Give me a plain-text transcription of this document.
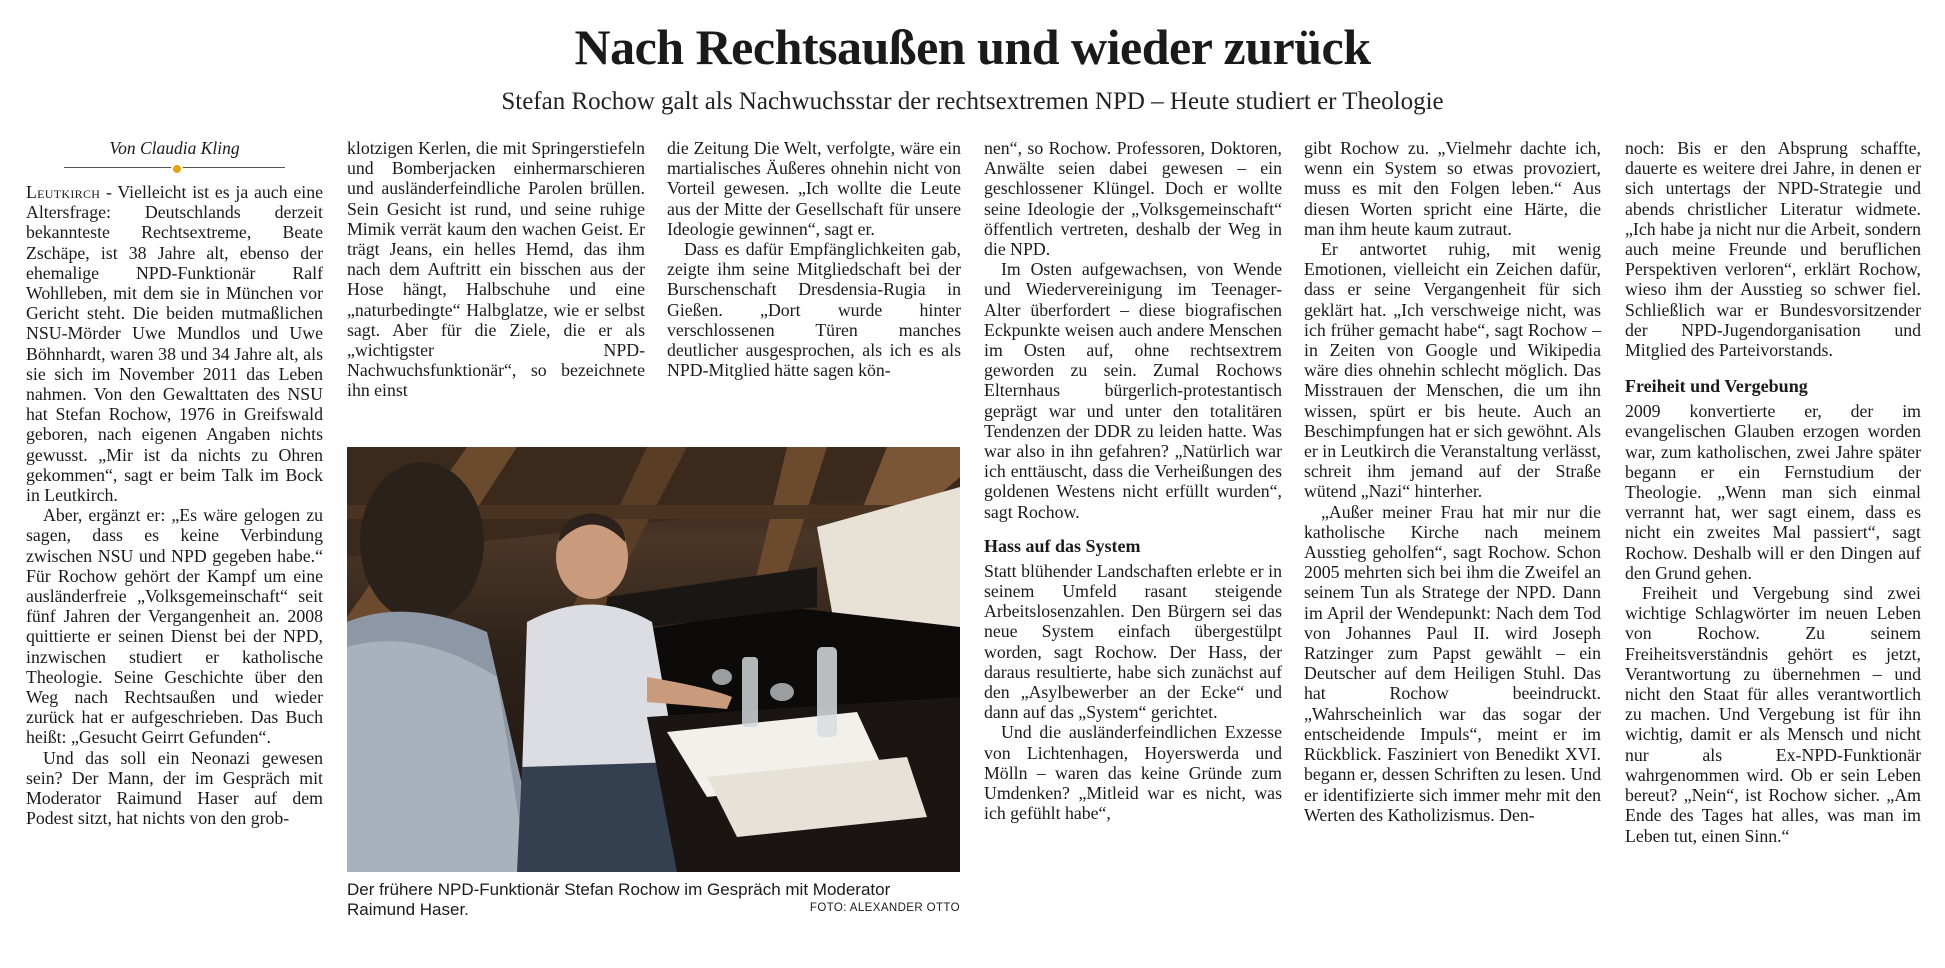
Nach Rechtsaußen und wieder zurück
Stefan Rochow galt als Nachwuchsstar der rechtsextremen NPD – Heute studiert er Theologie
Von Claudia Kling

Leutkirch - Vielleicht ist es ja auch eine Altersfrage: Deutschlands derzeit bekannteste Rechtsextreme, Beate Zschäpe, ist 38 Jahre alt, ebenso der ehemalige NPD-Funktionär Ralf Wohlleben, mit dem sie in München vor Gericht steht. Die beiden mutmaßlichen NSU-Mörder Uwe Mundlos und Uwe Böhnhardt, waren 38 und 34 Jahre alt, als sie sich im November 2011 das Leben nahmen. Von den Gewalttaten des NSU hat Stefan Rochow, 1976 in Greifswald geboren, nach eigenen Angaben nichts gewusst. „Mir ist da nichts zu Ohren gekommen“, sagt er beim Talk im Bock in Leutkirch.

Aber, ergänzt er: „Es wäre gelogen zu sagen, dass es keine Verbindung zwischen NSU und NPD gegeben habe.“ Für Rochow gehört der Kampf um eine ausländerfreie „Volksgemeinschaft“ seit fünf Jahren der Vergangenheit an. 2008 quittierte er seinen Dienst bei der NPD, inzwischen studiert er katholische Theologie. Seine Geschichte über den Weg nach Rechtsaußen und wieder zurück hat er aufgeschrieben. Das Buch heißt: „Gesucht Geirrt Gefunden“.

Und das soll ein Neonazi gewesen sein? Der Mann, der im Gespräch mit Moderator Raimund Haser auf dem Podest sitzt, hat nichts von den grob-

klotzigen Kerlen, die mit Springerstiefeln und Bomberjacken einhermarschieren und ausländerfeindliche Parolen brüllen. Sein Gesicht ist rund, und seine ruhige Mimik verrät kaum den wachen Geist. Er trägt Jeans, ein helles Hemd, das ihm nach dem Auftritt ein bisschen aus der Hose hängt, Halbschuhe und eine „naturbedingte“ Halbglatze, wie er selbst sagt. Aber für die Ziele, die er als „wichtigster NPD-Nachwuchsfunktionär“, so bezeichnete ihn einst

die Zeitung Die Welt, verfolgte, wäre ein martialisches Äußeres ohnehin nicht von Vorteil gewesen. „Ich wollte die Leute aus der Mitte der Gesellschaft für unsere Ideologie gewinnen“, sagt er.

Dass es dafür Empfänglichkeiten gab, zeigte ihm seine Mitgliedschaft bei der Burschenschaft Dresdensia-Rugia in Gießen. „Dort wurde hinter verschlossenen Türen manches deutlicher ausgesprochen, als ich es als NPD-Mitglied hätte sagen kön-

Der frühere NPD-Funktionär Stefan Rochow im Gespräch mit Moderator Raimund Haser.	FOTO: ALEXANDER OTTO

nen“, so Rochow. Professoren, Doktoren, Anwälte seien dabei gewesen – ein geschlossener Klüngel. Doch er wollte seine Ideologie der „Volksgemeinschaft“ öffentlich vertreten, deshalb der Weg in die NPD.

Im Osten aufgewachsen, von Wende und Wiedervereinigung im Teenager-Alter überfordert – diese biografischen Eckpunkte weisen auch andere Menschen im Osten auf, ohne rechtsextrem geworden zu sein. Zumal Rochows Elternhaus bürgerlich-protestantisch geprägt war und unter den totalitären Tendenzen der DDR zu leiden hatte. Was war also in ihn gefahren? „Natürlich war ich enttäuscht, dass die Verheißungen des goldenen Westens nicht erfüllt wurden“, sagt Rochow.

Hass auf das System

Statt blühender Landschaften erlebte er in seinem Umfeld rasant steigende Arbeitslosenzahlen. Den Bürgern sei das neue System einfach übergestülpt worden, sagt Rochow. Der Hass, der daraus resultierte, habe sich zunächst auf den „Asylbewerber an der Ecke“ und dann auf das „System“ gerichtet.

Und die ausländerfeindlichen Exzesse von Lichtenhagen, Hoyerswerda und Mölln – waren das keine Gründe zum Umdenken? „Mitleid war es nicht, was ich gefühlt habe“,

gibt Rochow zu. „Vielmehr dachte ich, wenn ein System so etwas provoziert, muss es mit den Folgen leben.“ Aus diesen Worten spricht eine Härte, die man ihm heute kaum zutraut.

Er antwortet ruhig, mit wenig Emotionen, vielleicht ein Zeichen dafür, dass er seine Vergangenheit für sich geklärt hat. „Ich verschweige nicht, was ich früher gemacht habe“, sagt Rochow – in Zeiten von Google und Wikipedia wäre dies ohnehin schlecht möglich. Das Misstrauen der Menschen, die um ihn wissen, spürt er bis heute. Auch an Beschimpfungen hat er sich gewöhnt. Als er in Leutkirch die Veranstaltung verlässt, schreit ihm jemand auf der Straße wütend „Nazi“ hinterher.

„Außer meiner Frau hat mir nur die katholische Kirche nach meinem Ausstieg geholfen“, sagt Rochow. Schon 2005 mehrten sich bei ihm die Zweifel an seinem Tun als Stratege der NPD. Dann im April der Wendepunkt: Nach dem Tod von Johannes Paul II. wird Joseph Ratzinger zum Papst gewählt – ein Deutscher auf dem Heiligen Stuhl. Das hat Rochow beeindruckt. „Wahrscheinlich war das sogar der entscheidende Impuls“, meint er im Rückblick. Fasziniert von Benedikt XVI. begann er, dessen Schriften zu lesen. Und er identifizierte sich immer mehr mit den Werten des Katholizismus. Den-

noch: Bis er den Absprung schaffte, dauerte es weitere drei Jahre, in denen er sich untertags der NPD-Strategie und abends christlicher Literatur widmete. „Ich habe ja nicht nur die Arbeit, sondern auch meine Freunde und beruflichen Perspektiven verloren“, erklärt Rochow, wieso ihm der Ausstieg so schwer fiel. Schließlich war er Bundesvorsitzender der NPD-Jugendorganisation und Mitglied des Parteivorstands.

Freiheit und Vergebung

2009 konvertierte er, der im evangelischen Glauben erzogen worden war, zum katholischen, zwei Jahre später begann er ein Fernstudium der Theologie. „Wenn man sich einmal verrannt hat, wer sagt einem, dass es nicht ein zweites Mal passiert“, sagt Rochow. Deshalb will er den Dingen auf den Grund gehen.

Freiheit und Vergebung sind zwei wichtige Schlagwörter im neuen Leben von Rochow. Zu seinem Freiheitsverständnis gehört es jetzt, Verantwortung zu übernehmen – und nicht den Staat für alles verantwortlich zu machen. Und Vergebung ist für ihn wichtig, damit er als Mensch und nicht nur als Ex-NPD-Funktionär wahrgenommen wird. Ob er sein Leben bereut? „Nein“, ist Rochow sicher. „Am Ende des Tages hat alles, was man im Leben tut, einen Sinn.“
